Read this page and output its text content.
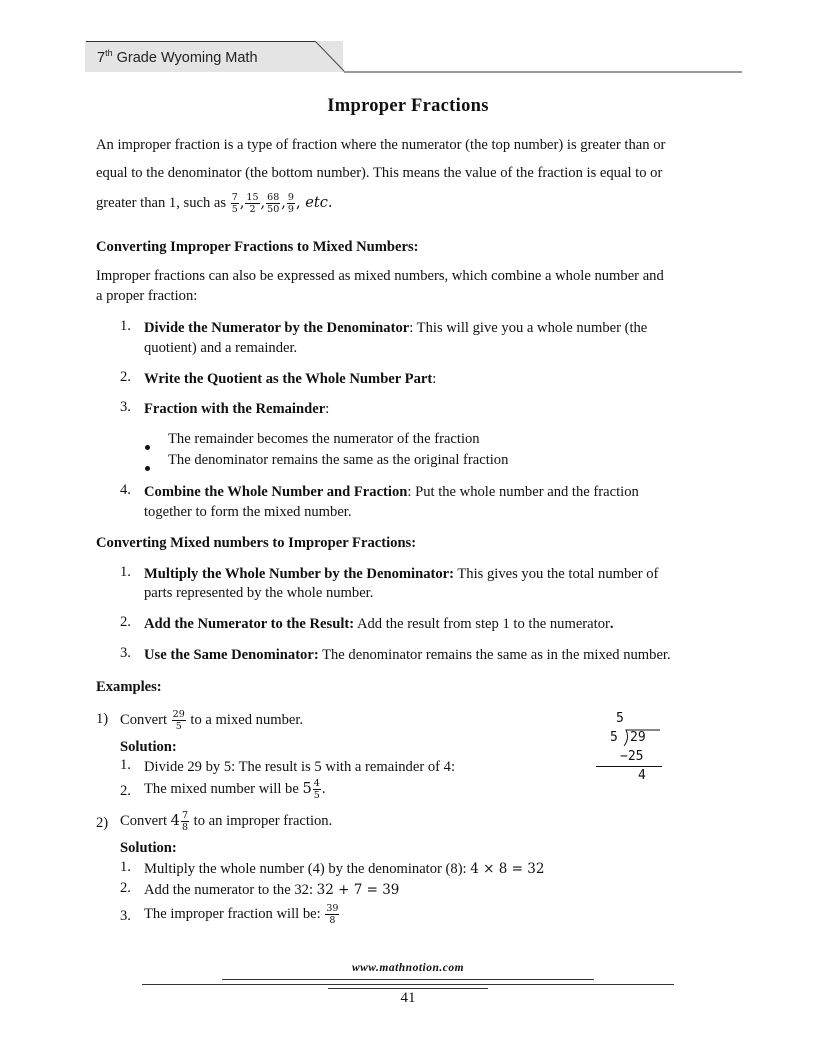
7th Grade Wyoming Math
Improper Fractions
An improper fraction is a type of fraction where the numerator (the top number) is greater than or
equal to the denominator (the bottom number). This means the value of the fraction is equal to or
greater than 1, such as $\frac{7}{5}$ , $\frac{15}{2}$ , $\frac{68}{50}$ , $\frac{9}{9}$ , etc.
Converting Improper Fractions to Mixed Numbers:
Improper fractions can also be expressed as mixed numbers, which combine a whole number and
a proper fraction:
1. Divide the Numerator by the Denominator: This will give you a whole number (the
quotient) and a remainder.
2. Write the Quotient as the Whole Number Part:
3. Fraction with the Remainder:
The remainder becomes the numerator of the fraction
The denominator remains the same as the original fraction
4. Combine the Whole Number and Fraction: Put the whole number and the fraction
together to form the mixed number.
Converting Mixed numbers to Improper Fractions:
1. Multiply the Whole Number by the Denominator: This gives you the total number of
parts represented by the whole number.
2. Add the Numerator to the Result: Add the result from step 1 to the numerator.
3. Use the Same Denominator: The denominator remains the same as in the mixed number.
Examples:
1) Convert $\frac{29}{5}$ to a mixed number.
Solution:
1. Divide 29 by 5: The result is 5 with a remainder of 4:
2. The mixed number will be $5 \frac{4}{5}$ .
5
5 29
−25
4
2) Convert $4 \frac{7}{8}$ to an improper fraction.
Solution:
1. Multiply the whole number (4) by the denominator (8): 4 × 8 = 32
2. Add the numerator to the 32: 32 + 7 = 39
3. The improper fraction will be: $\frac{39}{8}$
www.mathnotion.com
41
